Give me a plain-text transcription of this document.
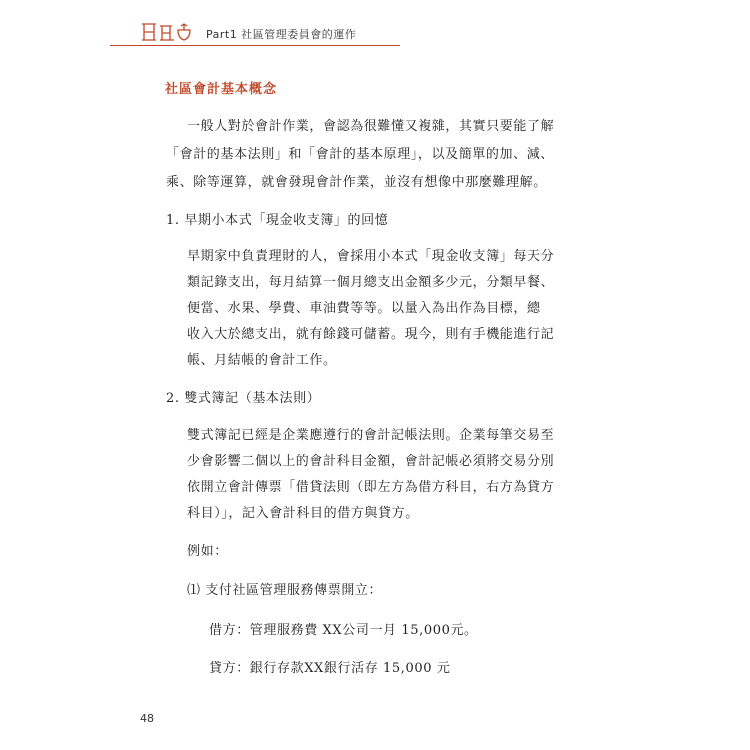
Part1 社區管理委員會的運作
社區會計基本概念
一般人對於會計作業，會認為很難懂又複雜，其實只要能了解
「會計的基本法則」和「會計的基本原理」，以及簡單的加、減、
乘、除等運算，就會發現會計作業，並沒有想像中那麼難理解。
1. 早期小本式「現金收支簿」的回憶
早期家中負責理財的人，會採用小本式「現金收支簿」每天分
類記錄支出，每月結算一個月總支出金額多少元，分類早餐、
便當、水果、學費、車油費等等。以量入為出作為目標，總
收入大於總支出，就有餘錢可儲蓄。現今，則有手機能進行記
帳、月結帳的會計工作。
2. 雙式簿記（基本法則）
雙式簿記已經是企業應遵行的會計記帳法則。企業每筆交易至
少會影響二個以上的會計科目金額，會計記帳必須將交易分別
依開立會計傳票「借貸法則（即左方為借方科目，右方為貸方
科目）」，記入會計科目的借方與貸方。
例如：
⑴ 支付社區管理服務傳票開立：
借方：管理服務費 XX公司一月 15,000元。
貸方：銀行存款XX銀行活存 15,000 元
48
